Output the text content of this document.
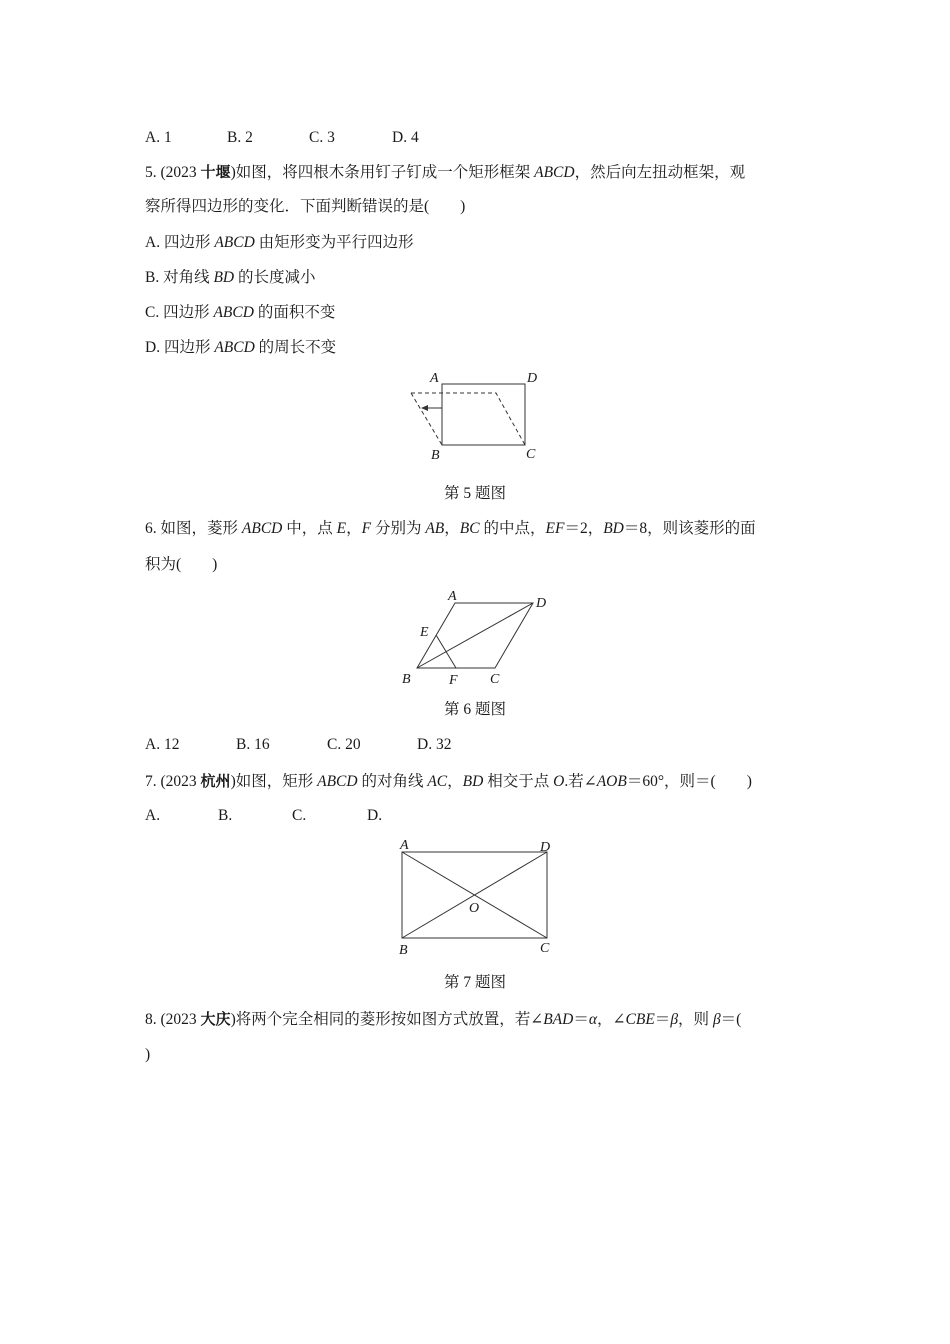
A. 1	B. 2	C. 3	D. 4
5. (2023 十堰)如图，将四根木条用钉子钉成一个矩形框架 ABCD，然后向左扭动框架，观
察所得四边形的变化．下面判断错误的是(　　)
A. 四边形 ABCD 由矩形变为平行四边形
B. 对角线 BD 的长度减小
C. 四边形 ABCD 的面积不变
D. 四边形 ABCD 的周长不变
A	D
B	C
第 5 题图
6. 如图，菱形 ABCD 中，点 E，F 分别为 AB，BC 的中点，EF＝2，BD＝8，则该菱形的面
积为(　　)
A	D
E
B	F C
第 6 题图
A. 12	B. 16	C. 20	D. 32
7. (2023 杭州)如图，矩形 ABCD 的对角线 AC，BD 相交于点 O.若∠AOB＝60°，则＝(　　)
A.	B.	C.	D.
A	D
O
B	C
第 7 题图
8. (2023 大庆)将两个完全相同的菱形按如图方式放置，若∠BAD＝α，∠CBE＝β，则 β＝(
)
